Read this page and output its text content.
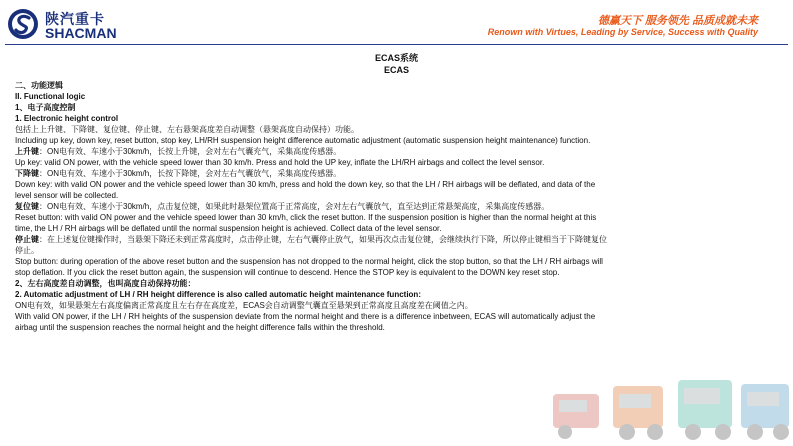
陕汽重卡
SHACMAN
德赢天下 服务领先 品质成就未来
Renown with Virtues, Leading by Service, Success with Quality
ECAS系统
ECAS

二、功能逻辑

II. Functional logic

1、电子高度控制

1. Electronic height control

包括上上升键、下降键、复位键、停止键、左右悬架高度差自动调整（悬架高度自动保持）功能。

Including up key, down key, reset button, stop key, LH/RH suspension height difference automatic adjustment (automatic suspension height maintenance) function.

上升键：ON电有效、车速小于30km/h，长按上升键，会对左右气囊充气，采集高度传感器。

Up key: valid ON power, with the vehicle speed lower than 30 km/h. Press and hold the UP key, inflate the LH/RH airbags and collect the level sensor.

下降键：ON电有效、车速小于30km/h，长按下降键，会对左右气囊放气，采集高度传感器。

Down key: with valid ON power and the vehicle speed lower than 30 km/h, press and hold the down key, so that the LH / RH airbags will be deflated, and data of the

level sensor will be collected.

复位键：ON电有效、车速小于30km/h，点击复位键，如果此时悬架位置高于正常高度，会对左右气囊放气，直至达到正常悬架高度，采集高度传感器。

Reset button: with valid ON power and the vehicle speed lower than 30 km/h, click the reset button. If the suspension position is higher than the normal height at this

time, the LH / RH airbags will be deflated until the normal suspension height is achieved. Collect data of the level sensor.

停止键：在上述复位键操作时，当悬架下降还未到正常高度时，点击停止键，左右气囊停止放气，如果再次点击复位键，会继续执行下降，所以停止键相当于下降键复位

停止。

Stop button: during operation of the above reset button and the suspension has not dropped to the normal height, click the stop button, so that the LH / RH airbags will

stop deflation. If you click the reset button again, the suspension will continue to descend. Hence the STOP key is equivalent to the DOWN key reset stop.

2、左右高度差自动调整，也叫高度自动保持功能：

2. Automatic adjustment of LH / RH height difference is also called automatic height maintenance function:

ON电有效，如果悬架左右高度偏离正常高度且左右存在高度差，ECAS会自动调整气囊直至悬架到正常高度且高度差在阈值之内。

With valid ON power, if the LH / RH heights of the suspension deviate from the normal height and there is a difference inbetween, ECAS will automatically adjust the

airbag until the suspension reaches the normal height and the height difference falls within the threshold.
